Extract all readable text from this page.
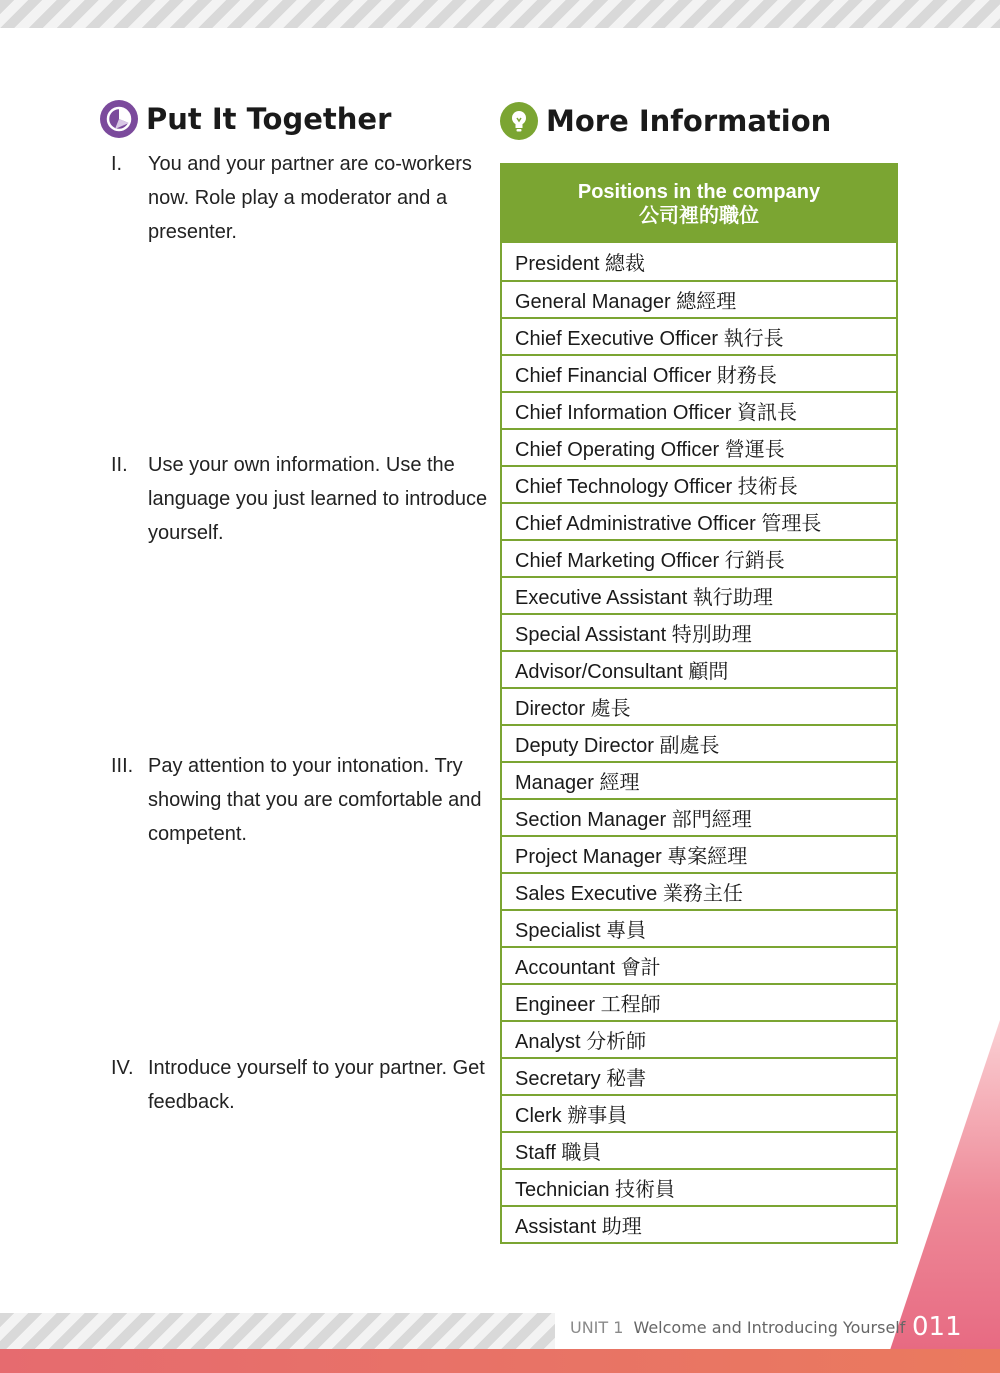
Put It Together	More Information
I. You and your partner are co-workers now. Role play a moderator and a presenter.
II. Use your own information. Use the language you just learned to introduce yourself.
III. Pay attention to your intonation. Try showing that you are comfortable and competent.
IV. Introduce yourself to your partner. Get feedback.
Positions in the company
公司裡的職位
President 總裁
General Manager 總經理
Chief Executive Officer 執行長
Chief Financial Officer 財務長
Chief Information Officer 資訊長
Chief Operating Officer 營運長
Chief Technology Officer 技術長
Chief Administrative Officer 管理長
Chief Marketing Officer 行銷長
Executive Assistant 執行助理
Special Assistant 特別助理
Advisor/Consultant 顧問
Director 處長
Deputy Director 副處長
Manager 經理
Section Manager 部門經理
Project Manager 專案經理
Sales Executive 業務主任
Specialist 專員
Accountant 會計
Engineer 工程師
Analyst 分析師
Secretary 秘書
Clerk 辦事員
Staff 職員
Technician 技術員
Assistant 助理
UNIT 1 Welcome and Introducing Yourself 011
